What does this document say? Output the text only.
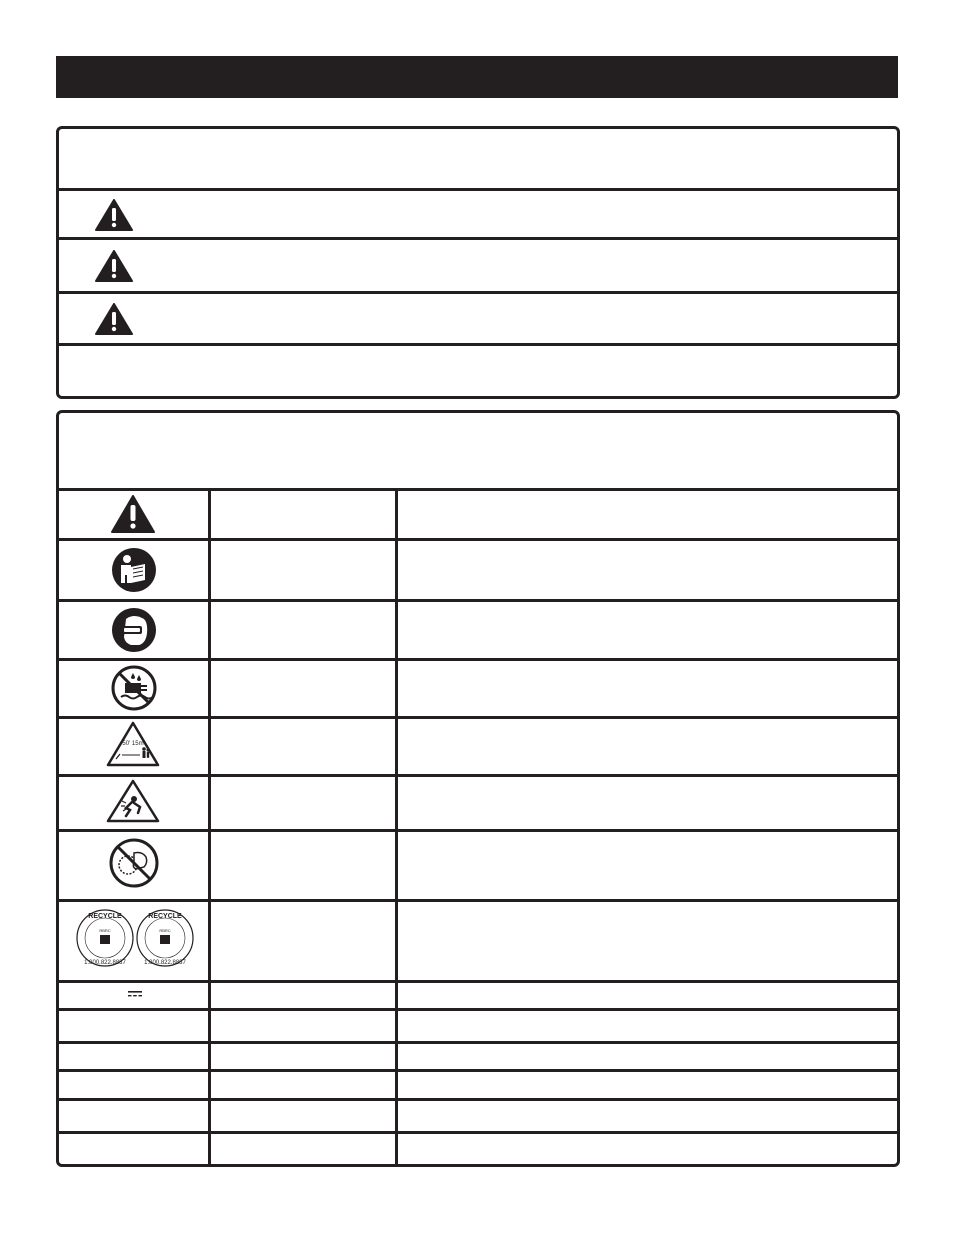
50' 15m
RECYCLE
RBRC
1.800.822.8837
RECYCLE
RBRC
1.800.822.8837
